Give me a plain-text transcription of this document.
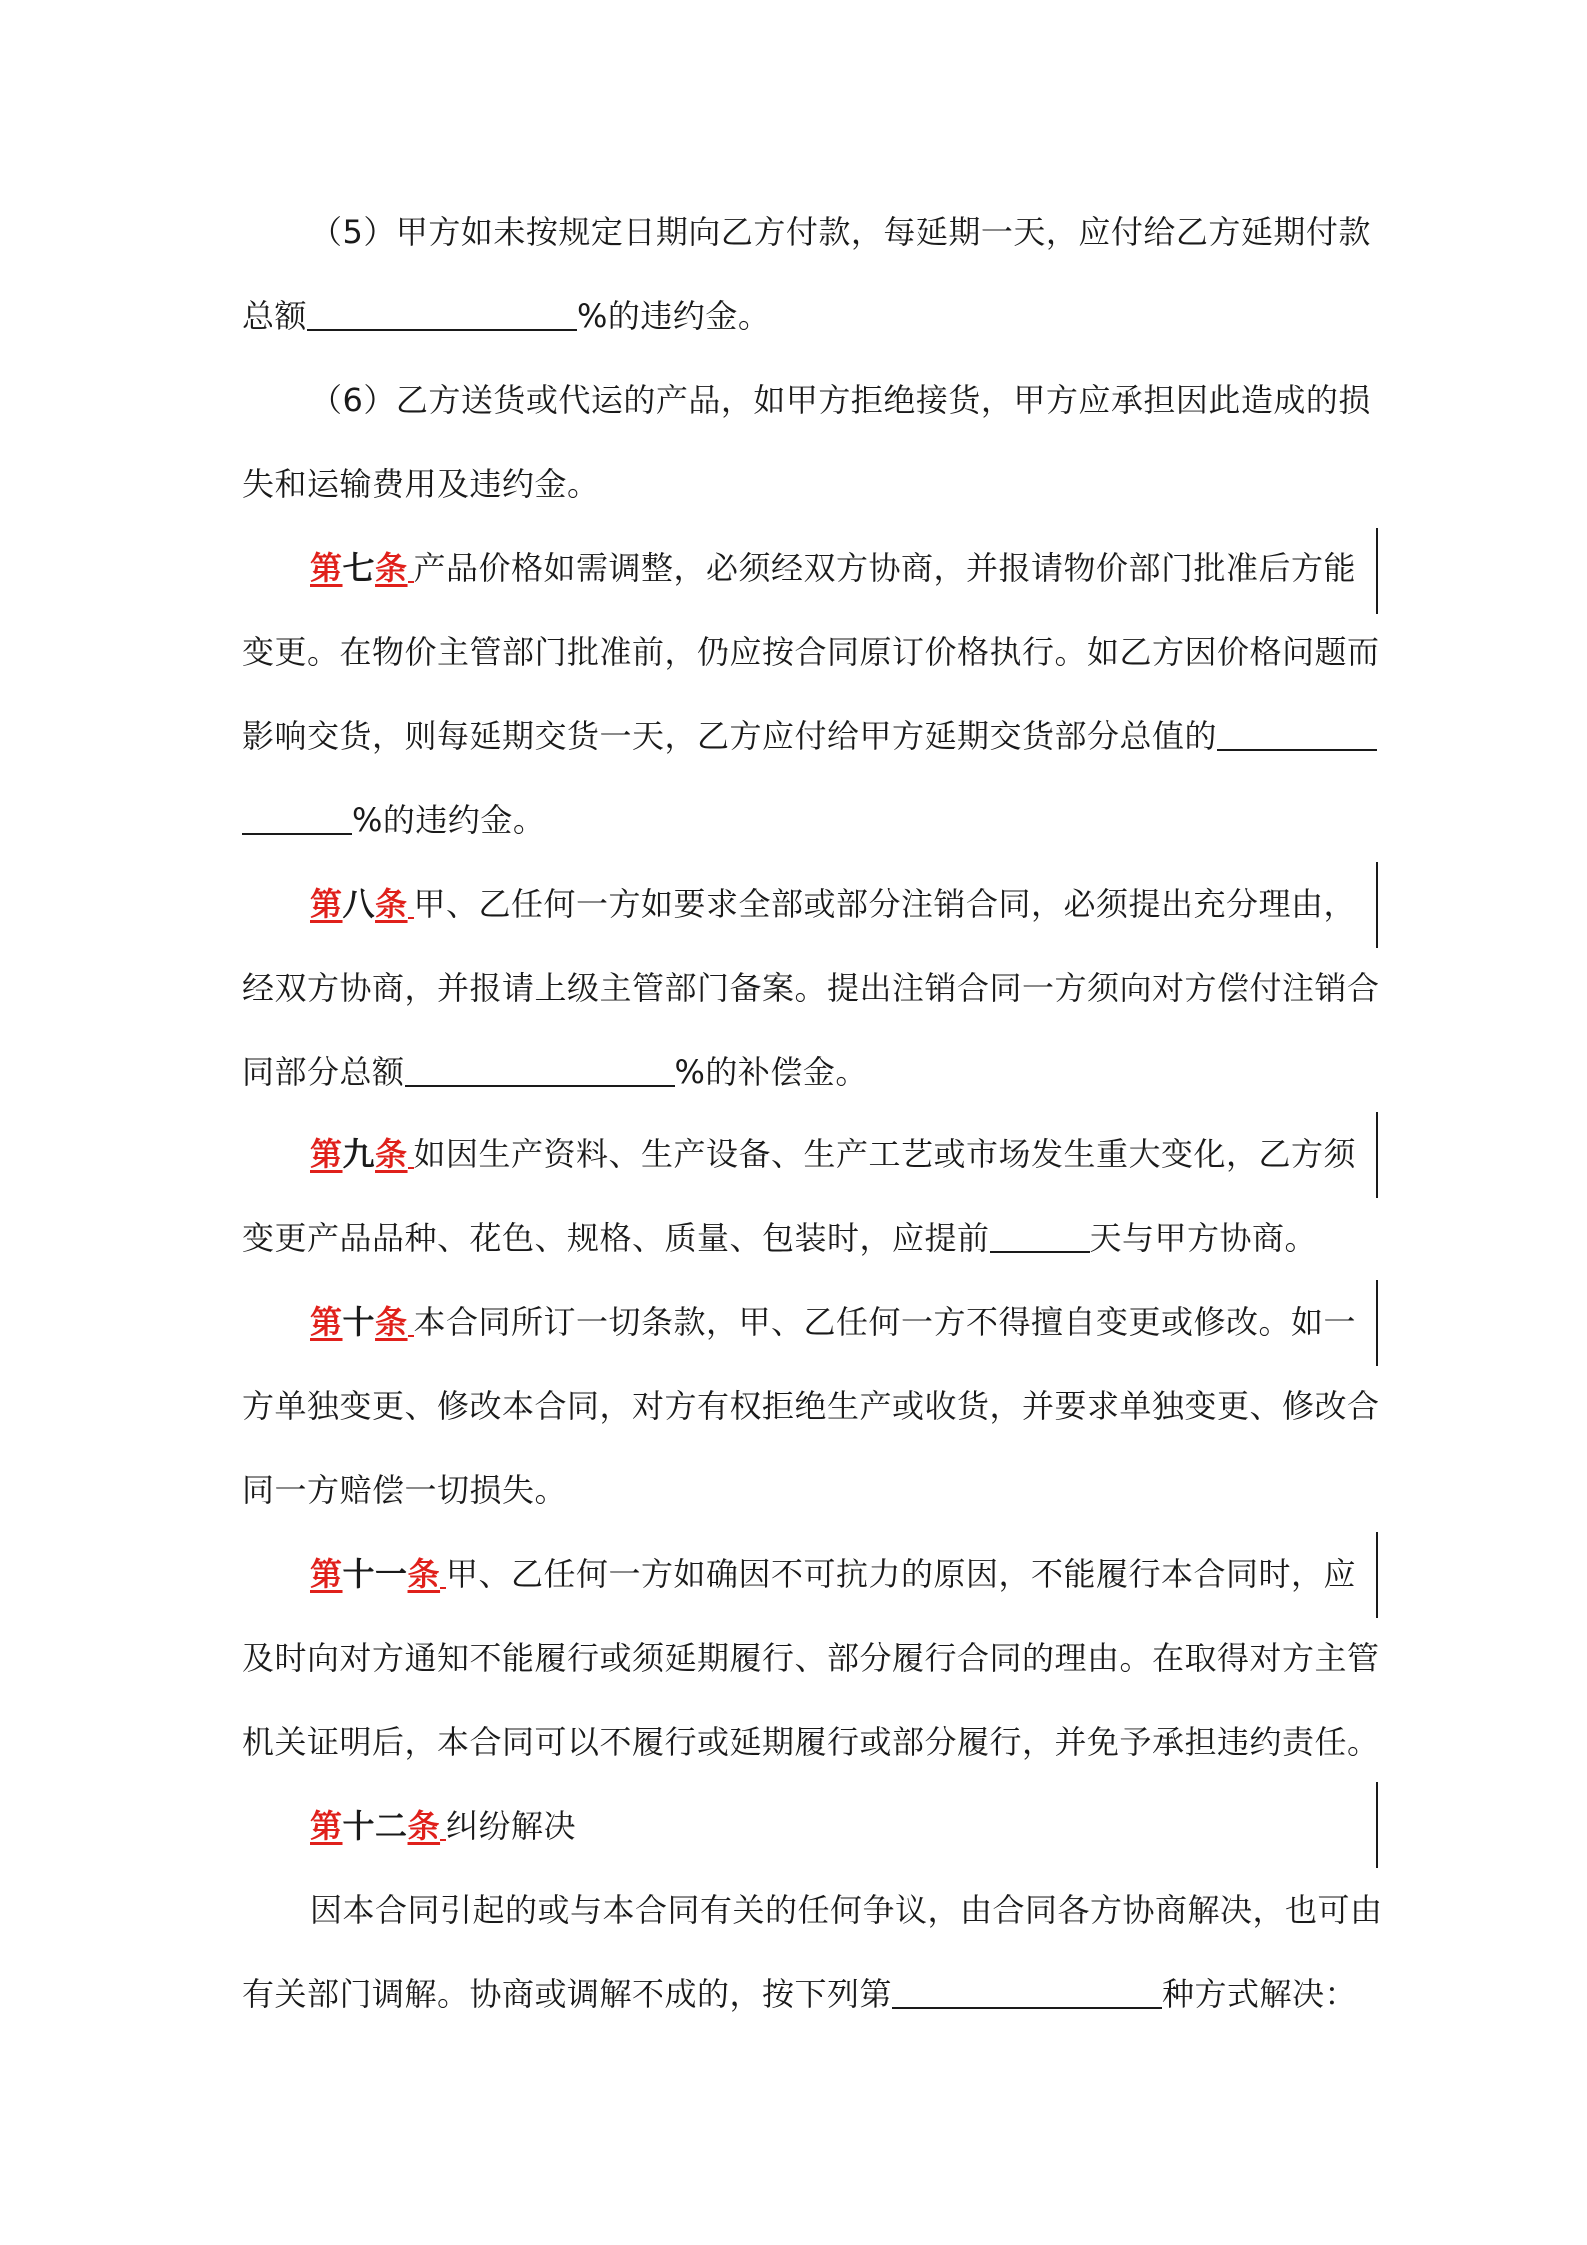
（5）甲方如未按规定日期向乙方付款，每延期一天，应付给乙方延期付款
总额	%的违约金。
（6）乙方送货或代运的产品，如甲方拒绝接货，甲方应承担因此造成的损
失和运输费用及违约金。
第七条 产品价格如需调整，必须经双方协商，并报请物价部门批准后方能
变更。在物价主管部门批准前，仍应按合同原订价格执行。如乙方因价格问题而
影响交货，则每延期交货一天，乙方应付给甲方延期交货部分总值的
%的违约金。
第八条 甲、乙任何一方如要求全部或部分注销合同，必须提出充分理由，
经双方协商，并报请上级主管部门备案。提出注销合同一方须向对方偿付注销合
同部分总额	%的补偿金。
第九条 如因生产资料、生产设备、生产工艺或市场发生重大变化，乙方须
变更产品品种、花色、规格、质量、包装时，应提前	天与甲方协商。
第十条 本合同所订一切条款，甲、乙任何一方不得擅自变更或修改。如一
方单独变更、修改本合同，对方有权拒绝生产或收货，并要求单独变更、修改合
同一方赔偿一切损失。
第十一条 甲、乙任何一方如确因不可抗力的原因，不能履行本合同时，应
及时向对方通知不能履行或须延期履行、部分履行合同的理由。在取得对方主管
机关证明后，本合同可以不履行或延期履行或部分履行，并免予承担违约责任。
第十二条 纠纷解决
因本合同引起的或与本合同有关的任何争议，由合同各方协商解决，也可由
有关部门调解。协商或调解不成的，按下列第	种方式解决：
